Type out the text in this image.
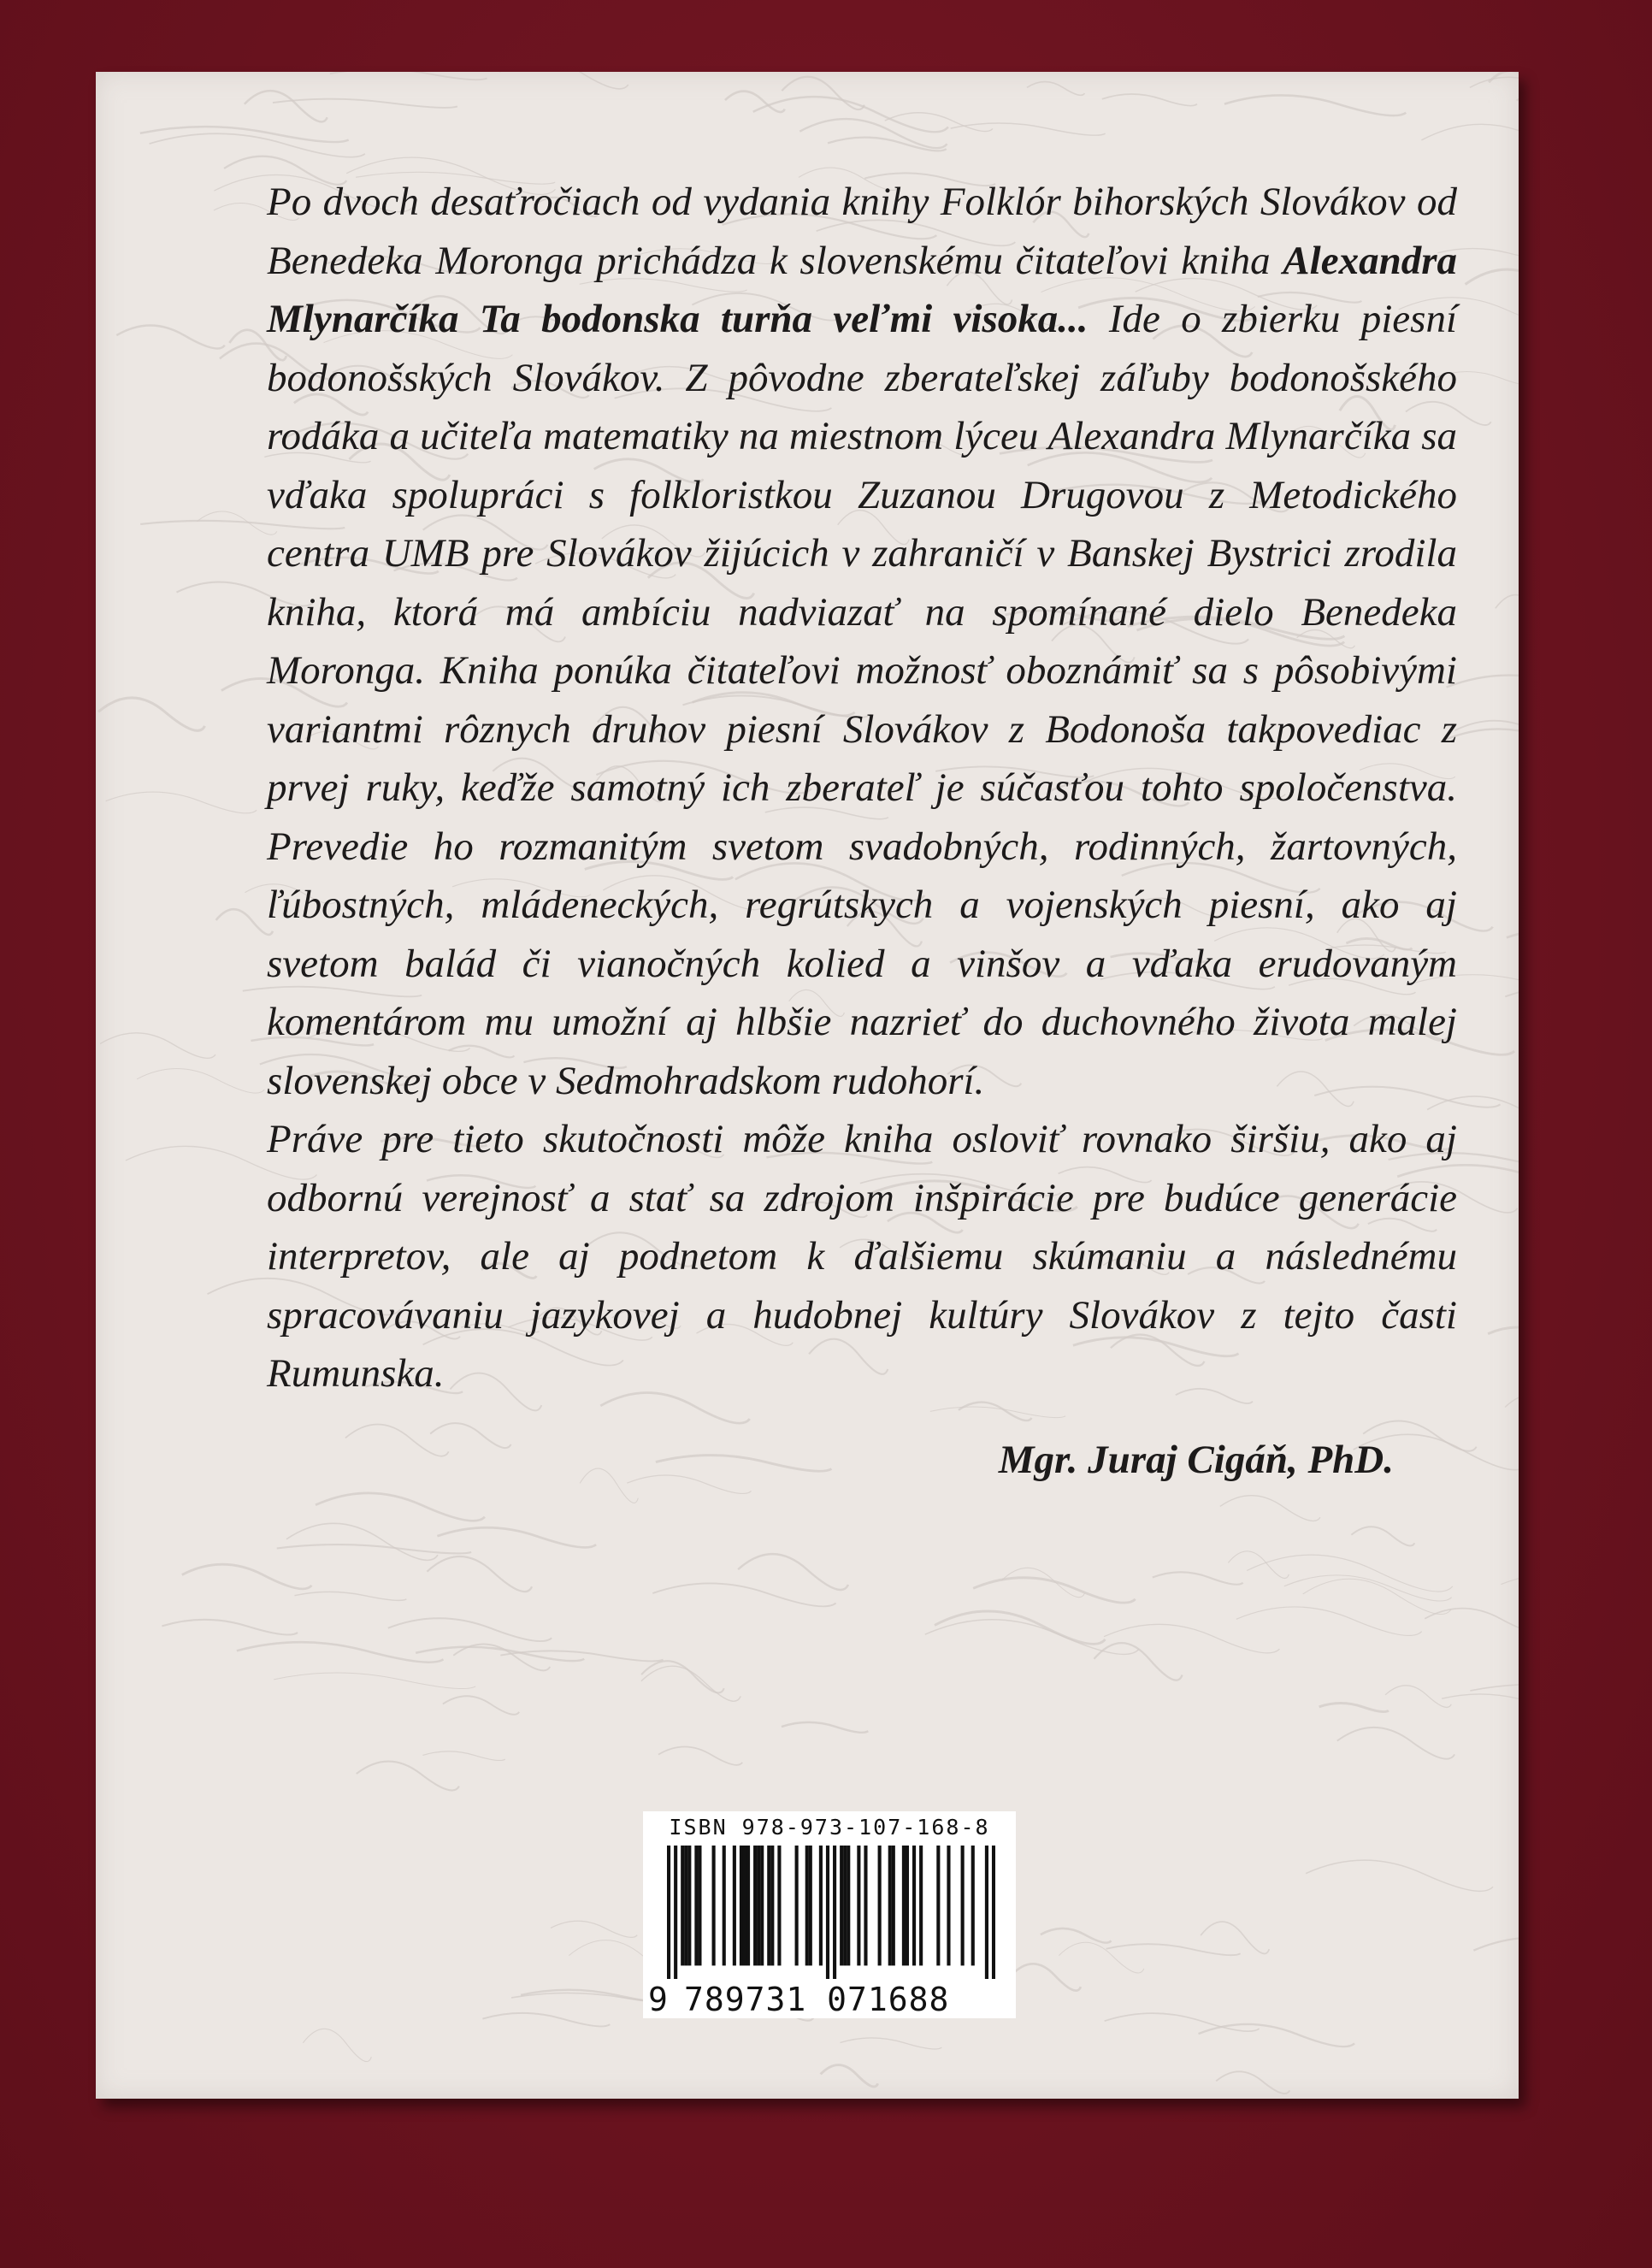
Po dvoch desaťročiach od vydania knihy Folklór bihorských Slovákov od Benedeka Moronga prichádza k slovenskému čitateľovi kniha Alexandra Mlynarčíka Ta bodonska turňa veľmi visoka... Ide o zbierku piesní bodonošských Slovákov. Z pôvodne zberateľskej záľuby bodonošského rodáka a učiteľa matematiky na miestnom lýceu Alexandra Mlynarčíka sa vďaka spolupráci s folkloristkou Zuzanou Drugovou z Metodického centra UMB pre Slovákov žijúcich v zahraničí v Banskej Bystrici zrodila kniha, ktorá má ambíciu nadviazať na spomínané dielo Benedeka Moronga. Kniha ponúka čitateľovi možnosť oboznámiť sa s pôsobivými variantmi rôznych druhov piesní Slovákov z Bodonoša takpovediac z prvej ruky, keďže samotný ich zberateľ je súčasťou tohto spoločenstva. Prevedie ho rozmanitým svetom svadobných, rodinných, žartovných, ľúbostných, mládeneckých, regrútskych a vojenských piesní, ako aj svetom balád či vianočných kolied a vinšov a vďaka erudovaným komentárom mu umožní aj hlbšie nazrieť do duchovného života malej slovenskej obce v Sedmohradskom rudohorí.

Práve pre tieto skutočnosti môže kniha osloviť rovnako širšiu, ako aj odbornú verejnosť a stať sa zdrojom inšpirácie pre budúce generácie interpretov, ale aj podnetom k ďalšiemu skúmaniu a následnému spracovávaniu jazykovej a hudobnej kultúry Slovákov z tejto časti Rumunska.

Mgr. Juraj Cigáň, PhD.
ISBN 978-973-107-168-8
9 789731 071688
